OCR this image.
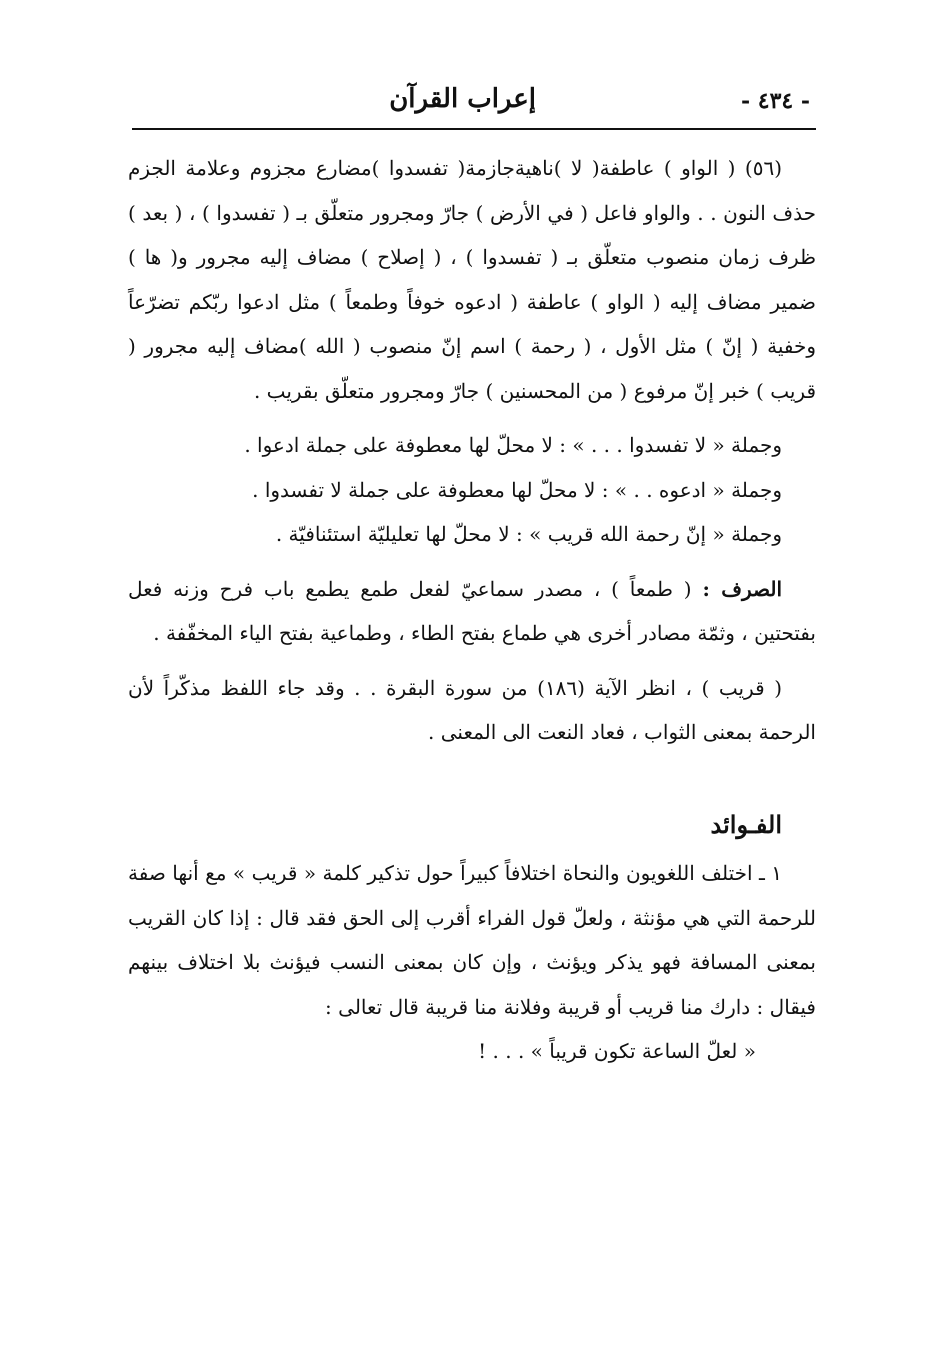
- ٤٣٤ -
إعراب القرآن

(٥٦) ( الواو ) عاطفة( لا )ناهيةجازمة( تفسدوا )مضارع مجزوم وعلامة الجزم حذف النون . . والواو فاعل ( في الأرض ) جارّ ومجرور متعلّق بـ ( تفسدوا ) ، ( بعد ) ظرف زمان منصوب متعلّق بـ ( تفسدوا ) ، ( إصلاح ) مضاف إليه مجرور و( ها ) ضمير مضاف إليه ( الواو ) عاطفة ( ادعوه خوفاً وطمعاً ) مثل ادعوا ربّكم تضرّعاً وخفية ( إنّ ) مثل الأول ، ( رحمة ) اسم إنّ منصوب ( الله )مضاف إليه مجرور ( قريب ) خبر إنّ مرفوع ( من المحسنين ) جارّ ومجرور متعلّق بقريب .

وجملة « لا تفسدوا . . . » : لا محلّ لها معطوفة على جملة ادعوا .

وجملة « ادعوه . . » : لا محلّ لها معطوفة على جملة لا تفسدوا .

وجملة « إنّ رحمة الله قريب » : لا محلّ لها تعليليّة استئنافيّة .

الصرف : ( طمعاً ) ، مصدر سماعيّ لفعل طمع يطمع باب فرح وزنه فعل بفتحتين ، وثمّة مصادر أخرى هي طماع بفتح الطاء ، وطماعية بفتح الياء المخفّفة .

( قريب ) ، انظر الآية (١٨٦) من سورة البقرة . . وقد جاء اللفظ مذكّراً لأن الرحمة بمعنى الثواب ، فعاد النعت الى المعنى .

الفـوائد

١ ـ اختلف اللغويون والنحاة اختلافاً كبيراً حول تذكير كلمة « قريب » مع أنها صفة للرحمة التي هي مؤنثة ، ولعلّ قول الفراء أقرب إلى الحق فقد قال : إذا كان القريب بمعنى المسافة فهو يذكر ويؤنث ، وإن كان بمعنى النسب فيؤنث بلا اختلاف بينهم فيقال : دارك منا قريب أو قريبة وفلانة منا قريبة قال تعالى :

« لعلّ الساعة تكون قريباً » . . . !
